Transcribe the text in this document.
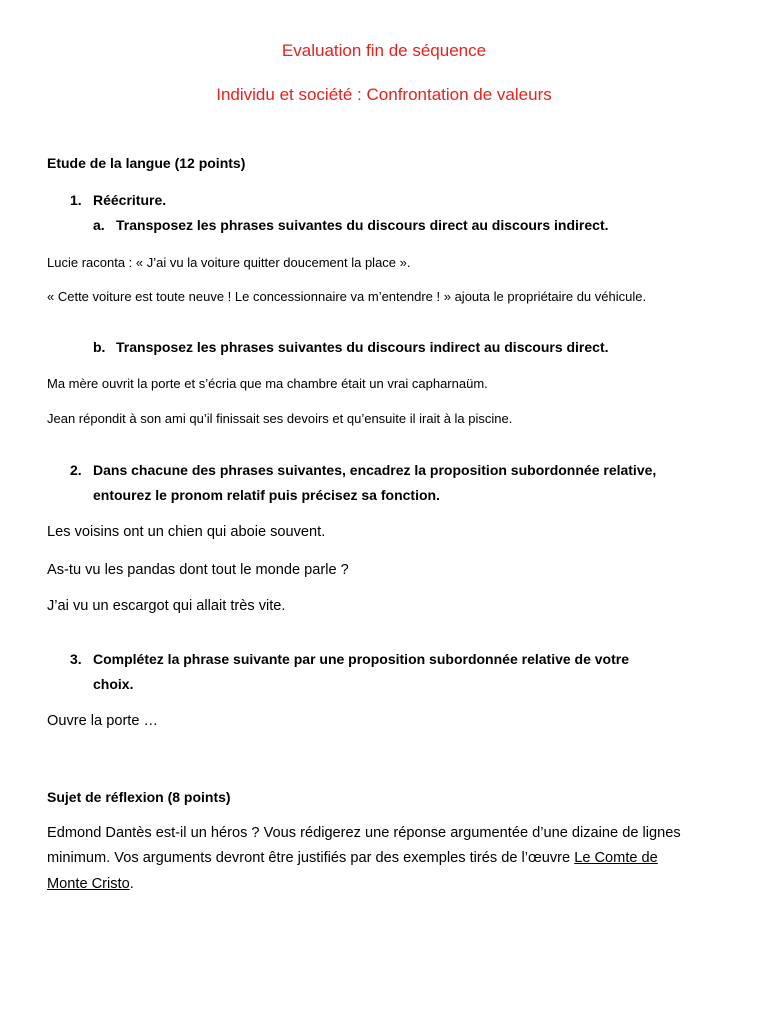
Evaluation fin de séquence

Individu et société : Confrontation de valeurs

Etude de la langue (12 points)

1. Réécriture.

a. Transposez les phrases suivantes du discours direct au discours indirect.

Lucie raconta : « J’ai vu la voiture quitter doucement la place ».

« Cette voiture est toute neuve ! Le concessionnaire va m’entendre ! » ajouta le propriétaire du véhicule.

b. Transposez les phrases suivantes du discours indirect au discours direct.

Ma mère ouvrit la porte et s’écria que ma chambre était un vrai capharnaüm.

Jean répondit à son ami qu’il finissait ses devoirs et qu’ensuite il irait à la piscine.

2. Dans chacune des phrases suivantes, encadrez la proposition subordonnée relative,

entourez le pronom relatif puis précisez sa fonction.

Les voisins ont un chien qui aboie souvent.

As-tu vu les pandas dont tout le monde parle ?

J’ai vu un escargot qui allait très vite.

3. Complétez la phrase suivante par une proposition subordonnée relative de votre

choix.

Ouvre la porte …

Sujet de réflexion (8 points)

Edmond Dantès est-il un héros ? Vous rédigerez une réponse argumentée d’une dizaine de lignes

minimum. Vos arguments devront être justifiés par des exemples tirés de l’œuvre Le Comte de

Monte Cristo.
